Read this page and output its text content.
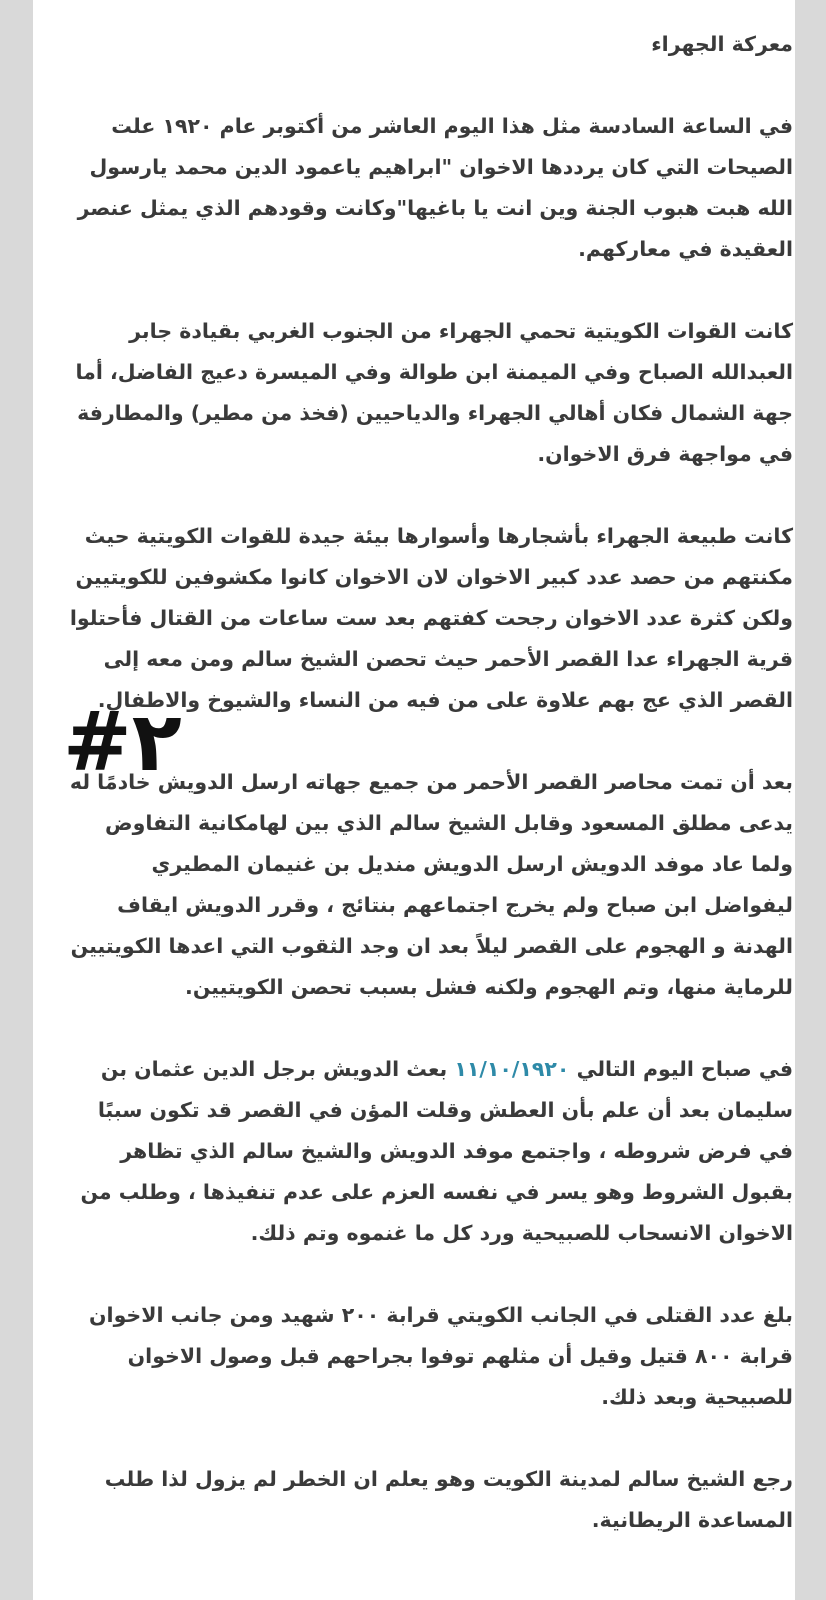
معركة الجهراء

في الساعة السادسة مثل هذا اليوم العاشر من أكتوبر عام ١٩٢٠ علت الصيحات التي كان يرددها الاخوان "ابراهيم ياعمود الدين محمد يارسول الله هبت هبوب الجنة وين انت يا باغيها"وكانت وقودهم الذي يمثل عنصر العقيدة في معاركهم.

كانت القوات الكويتية تحمي الجهراء من الجنوب الغربي بقيادة جابر العبدالله الصباح وفي الميمنة ابن طوالة وفي الميسرة دعيج الفاضل، أما جهة الشمال فكان أهالي الجهراء والدياحيين (فخذ من مطير) والمطارفة في مواجهة فرق الاخوان.

كانت طبيعة الجهراء بأشجارها وأسوارها بيئة جيدة للقوات الكويتية حيث مكنتهم من حصد عدد كبير الاخوان لان الاخوان كانوا مكشوفين للكويتيين ولكن كثرة عدد الاخوان رجحت كفتهم بعد ست ساعات من القتال فأحتلوا قرية الجهراء عدا القصر الأحمر حيث تحصن الشيخ سالم ومن معه إلى القصر الذي عج بهم علاوة على من فيه من النساء والشيوخ والاطفال.

بعد أن تمت محاصر القصر الأحمر من جميع جهاته ارسل الدويش خادمًا له يدعى مطلق المسعود وقابل الشيخ سالم الذي بين لهامكانية التفاوض ولما عاد موفد الدويش ارسل الدويش منديل بن غنيمان المطيري ليفواضل ابن صباح ولم يخرج اجتماعهم بنتائج ، وقرر الدويش ايقاف الهدنة و الهجوم على القصر ليلاً بعد ان وجد الثقوب التي اعدها الكويتيين للرماية منها، وتم الهجوم ولكنه فشل بسبب تحصن الكويتيين.

في صباح اليوم التالي ١١/١٠/١٩٢٠ بعث الدويش برجل الدين عثمان بن سليمان بعد أن علم بأن العطش وقلت المؤن في القصر قد تكون سببًا في فرض شروطه ، واجتمع موفد الدويش والشيخ سالم الذي تظاهر بقبول الشروط وهو يسر في نفسه العزم على عدم تنفيذها ، وطلب من الاخوان الانسحاب للصبيحية ورد كل ما غنموه وتم ذلك.

بلغ عدد القتلى في الجانب الكويتي قرابة ٢٠٠ شهيد ومن جانب الاخوان قرابة ٨٠٠ قتيل وقيل أن مثلهم توفوا بجراحهم قبل وصول الاخوان للصبيحية وبعد ذلك.

رجع الشيخ سالم لمدينة الكويت وهو يعلم ان الخطر لم يزول لذا طلب المساعدة الريطانية.

#٢
